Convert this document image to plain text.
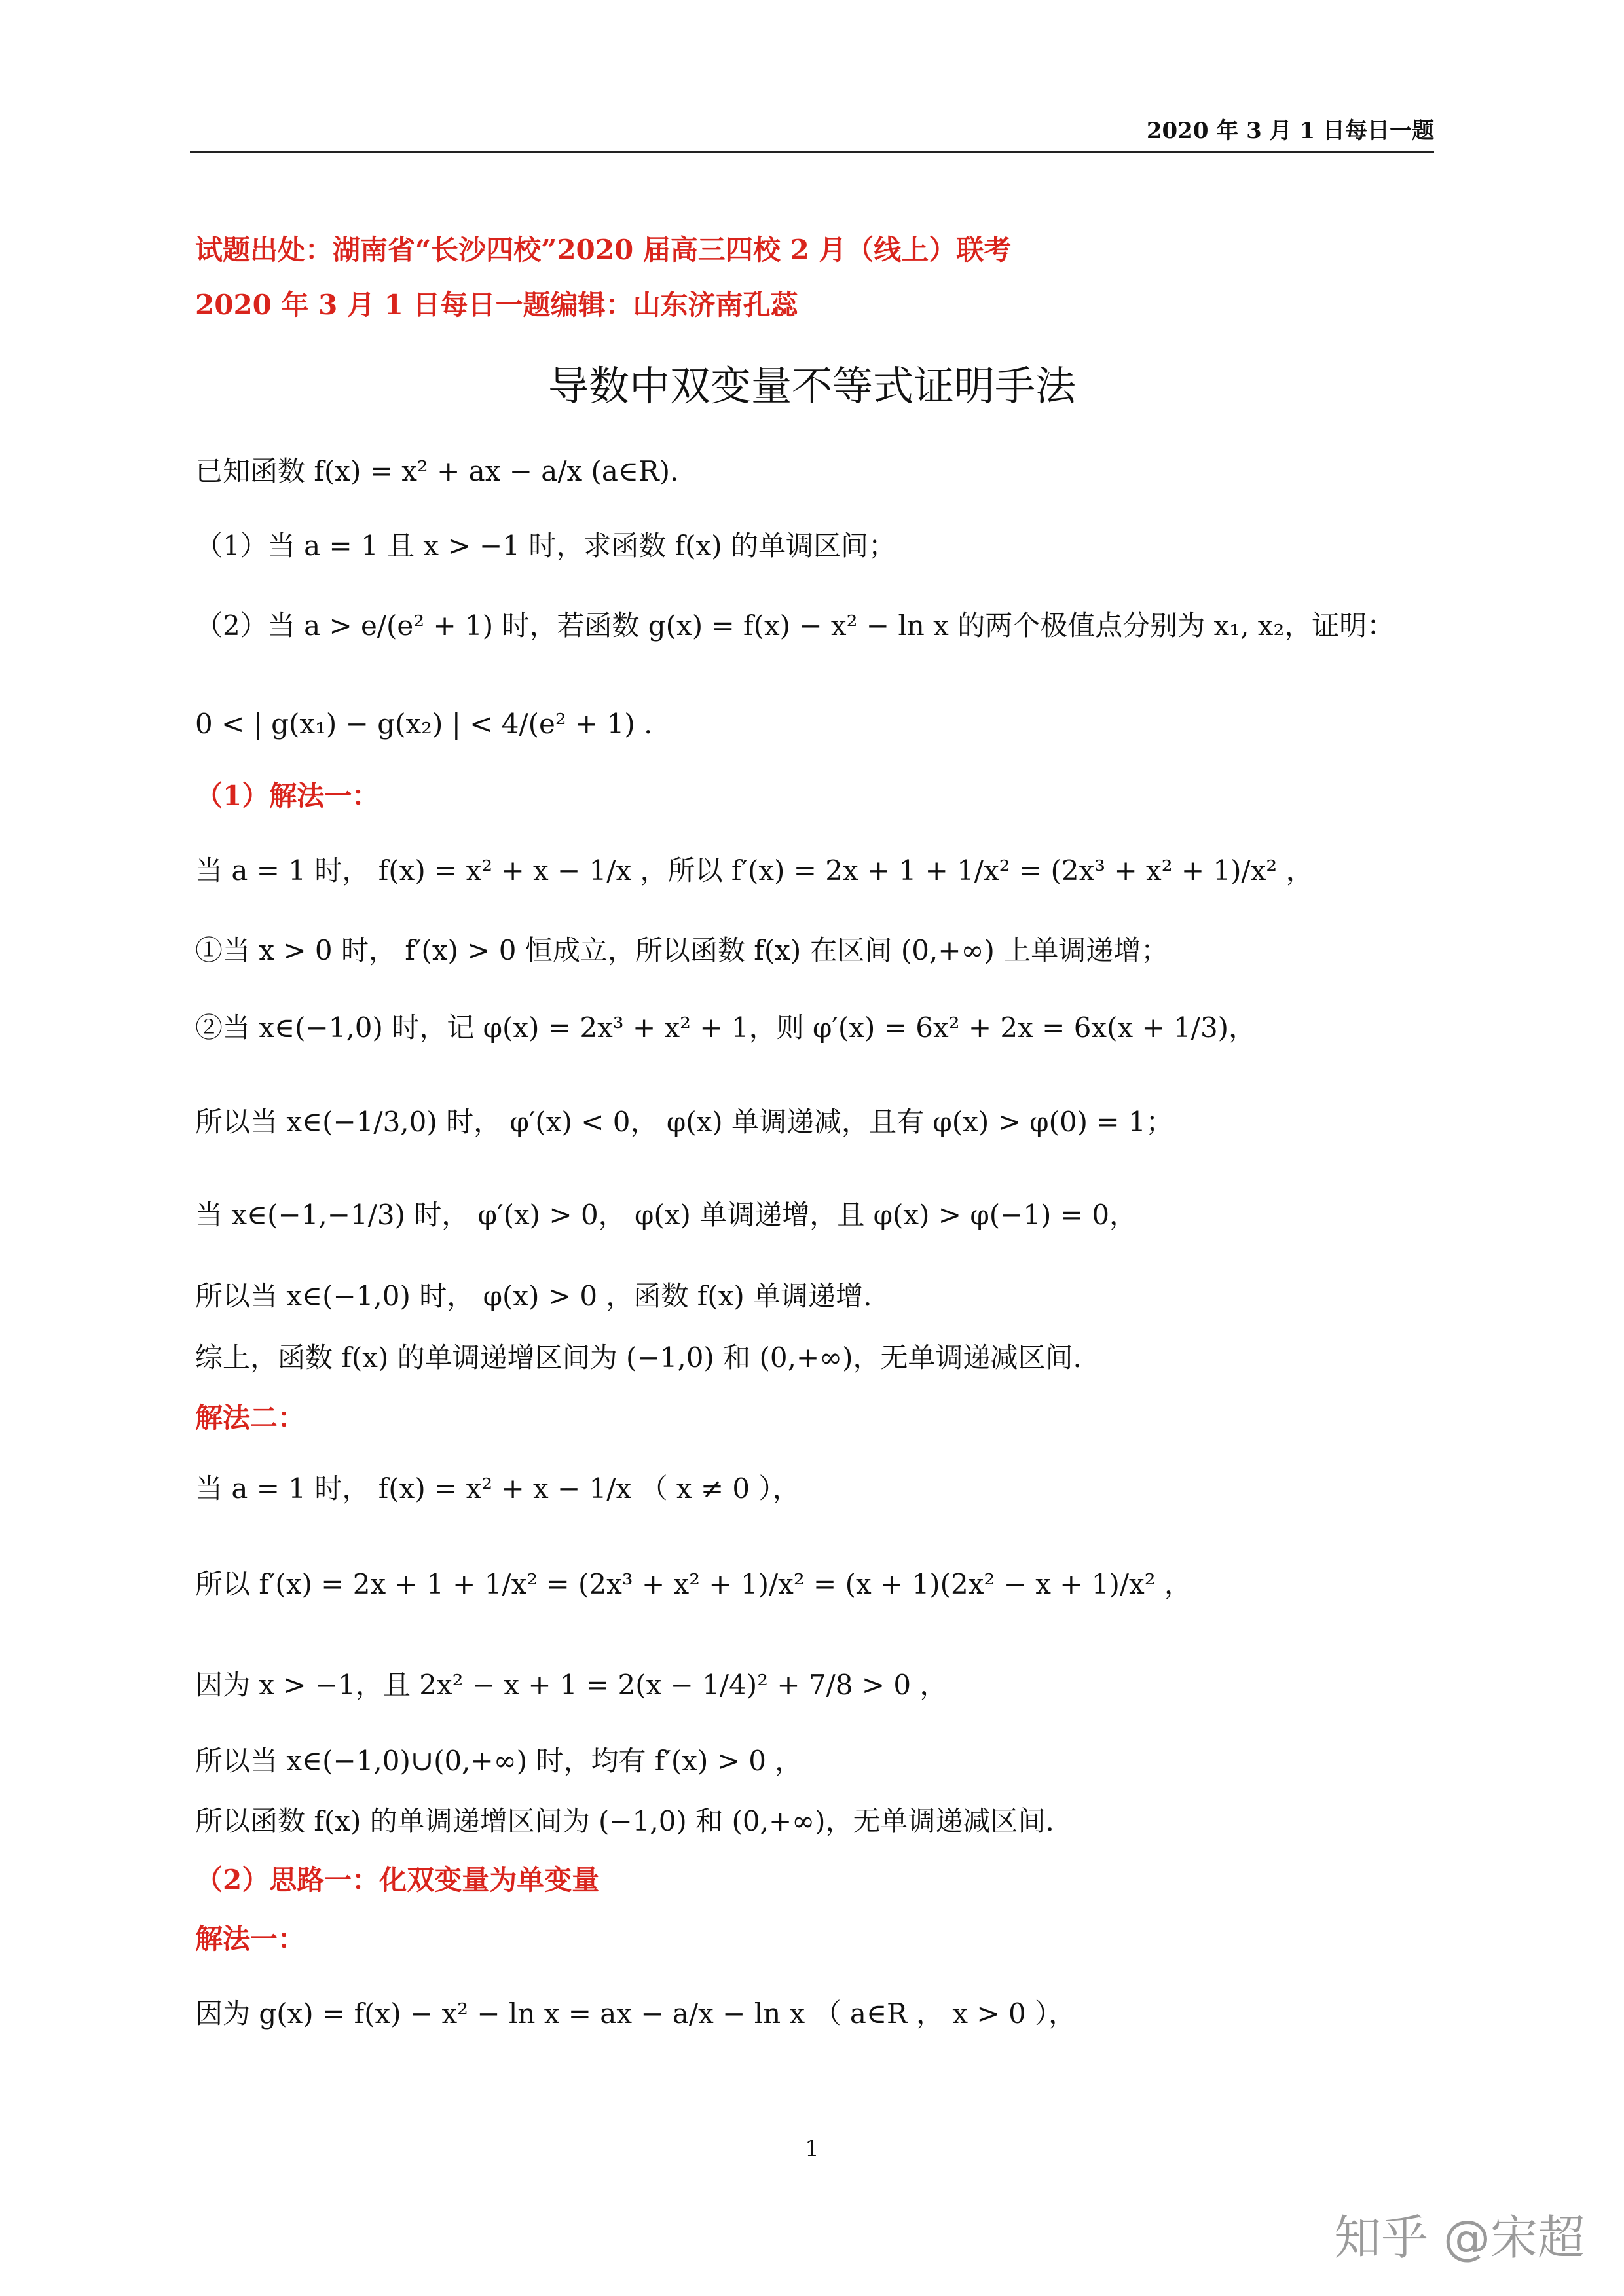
2020 年 3 月 1 日每日一题
试题出处：湖南省“长沙四校”2020 届高三四校 2 月（线上）联考
2020 年 3 月 1 日每日一题编辑：山东济南孔蕊
导数中双变量不等式证明手法
已知函数 f(x) = x² + ax − a/x (a∈R).
（1）当 a = 1 且 x > −1 时，求函数 f(x) 的单调区间；
（2）当 a > e/(e² + 1) 时，若函数 g(x) = f(x) − x² − ln x 的两个极值点分别为 x₁, x₂，证明：
0 < | g(x₁) − g(x₂) | < 4/(e² + 1) .
（1）解法一：
当 a = 1 时， f(x) = x² + x − 1/x ，所以 f′(x) = 2x + 1 + 1/x² = (2x³ + x² + 1)/x² ，
①当 x > 0 时， f′(x) > 0 恒成立，所以函数 f(x) 在区间 (0,+∞) 上单调递增；
②当 x∈(−1,0) 时，记 φ(x) = 2x³ + x² + 1，则 φ′(x) = 6x² + 2x = 6x(x + 1/3)，
所以当 x∈(−1/3,0) 时， φ′(x) < 0， φ(x) 单调递减，且有 φ(x) > φ(0) = 1；
当 x∈(−1,−1/3) 时， φ′(x) > 0， φ(x) 单调递增，且 φ(x) > φ(−1) = 0，
所以当 x∈(−1,0) 时， φ(x) > 0 ，函数 f(x) 单调递增.
综上，函数 f(x) 的单调递增区间为 (−1,0) 和 (0,+∞)，无单调递减区间.
解法二：
当 a = 1 时， f(x) = x² + x − 1/x （ x ≠ 0 ），
所以 f′(x) = 2x + 1 + 1/x² = (2x³ + x² + 1)/x² = (x + 1)(2x² − x + 1)/x² ，
因为 x > −1，且 2x² − x + 1 = 2(x − 1/4)² + 7/8 > 0 ，
所以当 x∈(−1,0)∪(0,+∞) 时，均有 f′(x) > 0 ，
所以函数 f(x) 的单调递增区间为 (−1,0) 和 (0,+∞)，无单调递减区间.
（2）思路一：化双变量为单变量
解法一：
因为 g(x) = f(x) − x² − ln x = ax − a/x − ln x （ a∈R ， x > 0 ），
1
知乎 @宋超
